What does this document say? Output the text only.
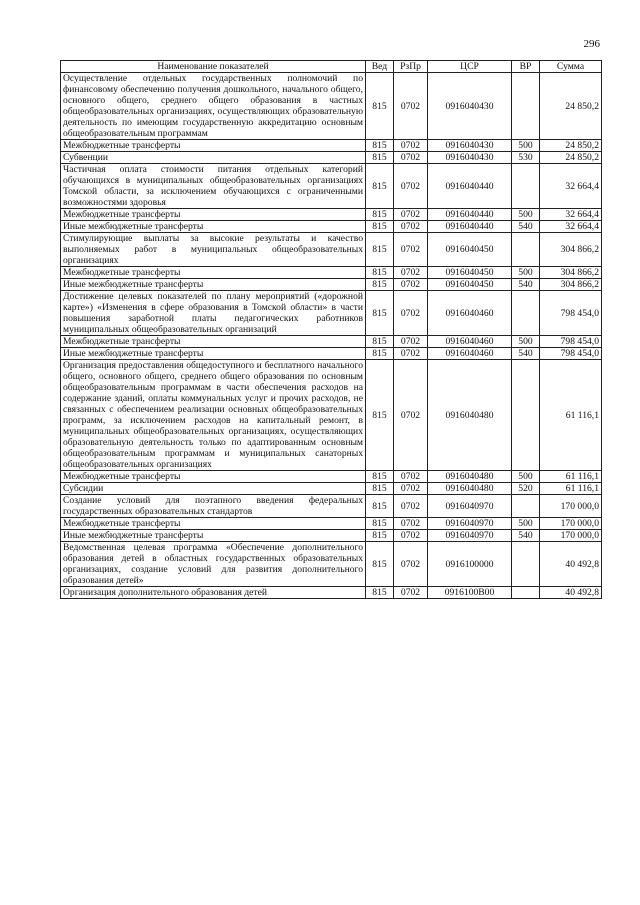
296
Наименование показателей	Вед	РзПр	ЦСР	ВР	Сумма
Осуществление отдельных государственных полномочий по финансовому обеспечению получения дошкольного, начального общего, основного общего, среднего общего образования в частных общеобразовательных организациях, осуществляющих образовательную деятельность по имеющим государственную аккредитацию основным общеобразовательным программам	815	0702	0916040430		24 850,2
Межбюджетные трансферты	815	0702	0916040430	500	24 850,2
Субвенции	815	0702	0916040430	530	24 850,2
Частичная оплата стоимости питания отдельных категорий обучающихся в муниципальных общеобразовательных организациях Томской области, за исключением обучающихся с ограниченными возможностями здоровья	815	0702	0916040440		32 664,4
Межбюджетные трансферты	815	0702	0916040440	500	32 664,4
Иные межбюджетные трансферты	815	0702	0916040440	540	32 664,4
Стимулирующие выплаты за высокие результаты и качество выполняемых работ в муниципальных общеобразовательных организациях	815	0702	0916040450		304 866,2
Межбюджетные трансферты	815	0702	0916040450	500	304 866,2
Иные межбюджетные трансферты	815	0702	0916040450	540	304 866,2
Достижение целевых показателей по плану мероприятий («дорожной карте») «Изменения в сфере образования в Томской области» в части повышения заработной платы педагогических работников муниципальных общеобразовательных организаций	815	0702	0916040460		798 454,0
Межбюджетные трансферты	815	0702	0916040460	500	798 454,0
Иные межбюджетные трансферты	815	0702	0916040460	540	798 454,0
Организация предоставления общедоступного и бесплатного начального общего, основного общего, среднего общего образования по основным общеобразовательным программам в части обеспечения расходов на содержание зданий, оплаты коммунальных услуг и прочих расходов, не связанных с обеспечением реализации основных общеобразовательных программ, за исключением расходов на капитальный ремонт, в муниципальных общеобразовательных организациях, осуществляющих образовательную деятельность только по адаптированным основным общеобразовательным программам и муниципальных санаторных общеобразовательных организациях	815	0702	0916040480		61 116,1
Межбюджетные трансферты	815	0702	0916040480	500	61 116,1
Субсидии	815	0702	0916040480	520	61 116,1
Создание условий для поэтапного введения федеральных государственных образовательных стандартов	815	0702	0916040970		170 000,0
Межбюджетные трансферты	815	0702	0916040970	500	170 000,0
Иные межбюджетные трансферты	815	0702	0916040970	540	170 000,0
Ведомственная целевая программа «Обеспечение дополнительного образования детей в областных государственных образовательных организациях, создание условий для развития дополнительного образования детей»	815	0702	0916100000		40 492,8
Организация дополнительного образования детей	815	0702	0916100В00		40 492,8
